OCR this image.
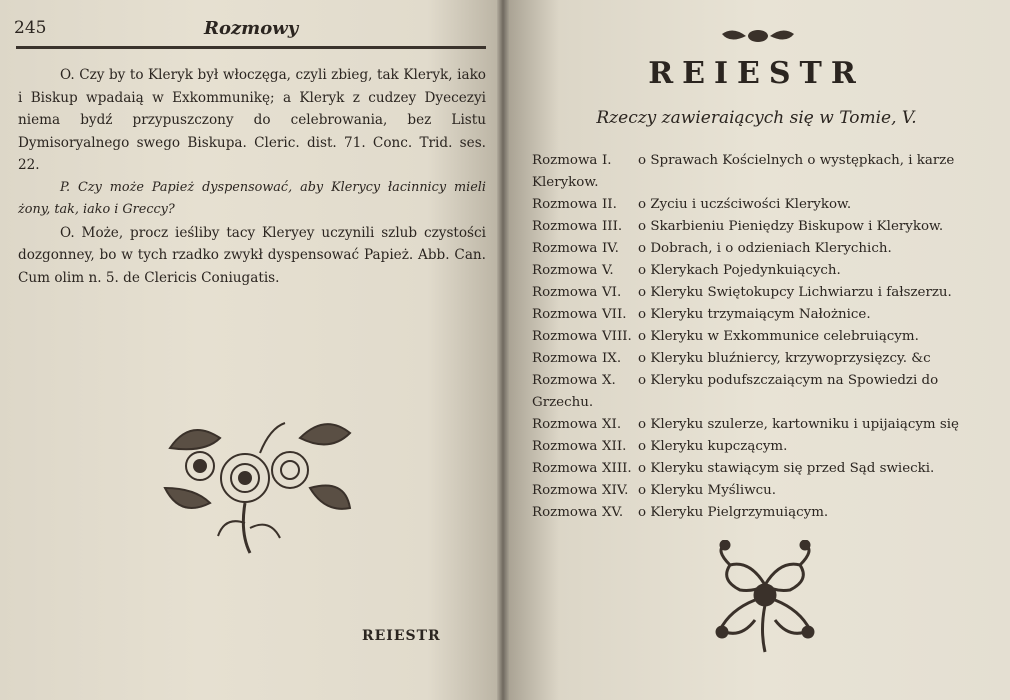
245	Rozmowy

O. Czy by to Kleryk był włoczęga, czyli zbieg, tak Kleryk, iako i Biskup wpadaią w Exkommunikę; a Kleryk z cudzey Dyecezyi niema bydź przypuszczony do celebrowania, bez Listu Dymisoryalnego swego Biskupa. Cleric. dist. 71. Conc. Trid. ses. 22.

P. Czy może Papież dyspensować, aby Klerycy łacinnicy mieli żony, tak, iako i Greccy?

O. Może, procz ieśliby tacy Kleryey uczynili szlub czystości dozgonney, bo w tych rzadko zwykł dyspensować Papież. Abb. Can. Cum olim n. 5. de Clericis Coniugatis.

REIESTR
REIESTR
Rzeczy zawieraiących się w Tomie, V.
RozmowaI.o Sprawach Kościelnych o występkach, i karze Klerykow.
RozmowaII.o Zyciu i uczściwości Klerykow.
RozmowaIII.o Skarbieniu Pieniędzy Biskupow i Klerykow.
RozmowaIV.o Dobrach, i o odzieniach Klerychich.
RozmowaV.o Klerykach Pojedynkuiących.
RozmowaVI.o Kleryku Swiętokupcy Lichwiarzu i fałszerzu.
RozmowaVII.o Kleryku trzymaiącym Nałożnice.
RozmowaVIII.o Kleryku w Exkommunice celebruiącym.
RozmowaIX.o Kleryku bluźniercy, krzywoprzysięzcy. &c
RozmowaX.o Kleryku podufszczaiącym na Spowiedzi do Grzechu.
RozmowaXI.o Kleryku szulerze, kartowniku i upijaiącym się
RozmowaXII.o Kleryku kupczącym.
RozmowaXIII.o Kleryku stawiącym się przed Sąd swiecki.
RozmowaXIV.o Kleryku Myśliwcu.
RozmowaXV.o Kleryku Pielgrzymuiącym.
